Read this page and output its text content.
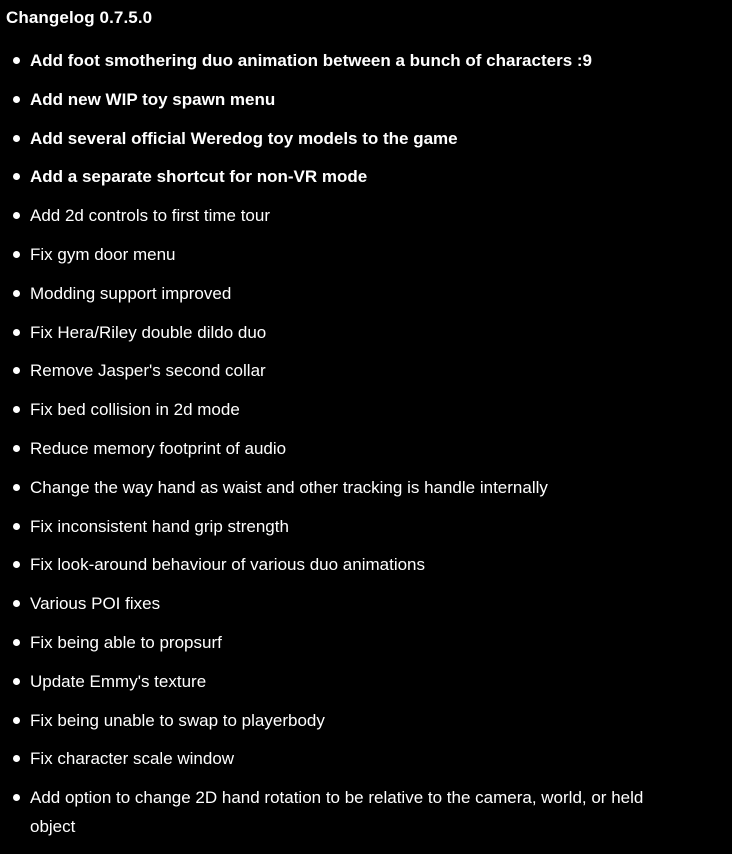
Changelog 0.7.5.0
Add foot smothering duo animation between a bunch of characters :9
Add new WIP toy spawn menu
Add several official Weredog toy models to the game
Add a separate shortcut for non-VR mode
Add 2d controls to first time tour
Fix gym door menu
Modding support improved
Fix Hera/Riley double dildo duo
Remove Jasper's second collar
Fix bed collision in 2d mode
Reduce memory footprint of audio
Change the way hand as waist and other tracking is handle internally
Fix inconsistent hand grip strength
Fix look-around behaviour of various duo animations
Various POI fixes
Fix being able to propsurf
Update Emmy's texture
Fix being unable to swap to playerbody
Fix character scale window
Add option to change 2D hand rotation to be relative to the camera, world, or held object
